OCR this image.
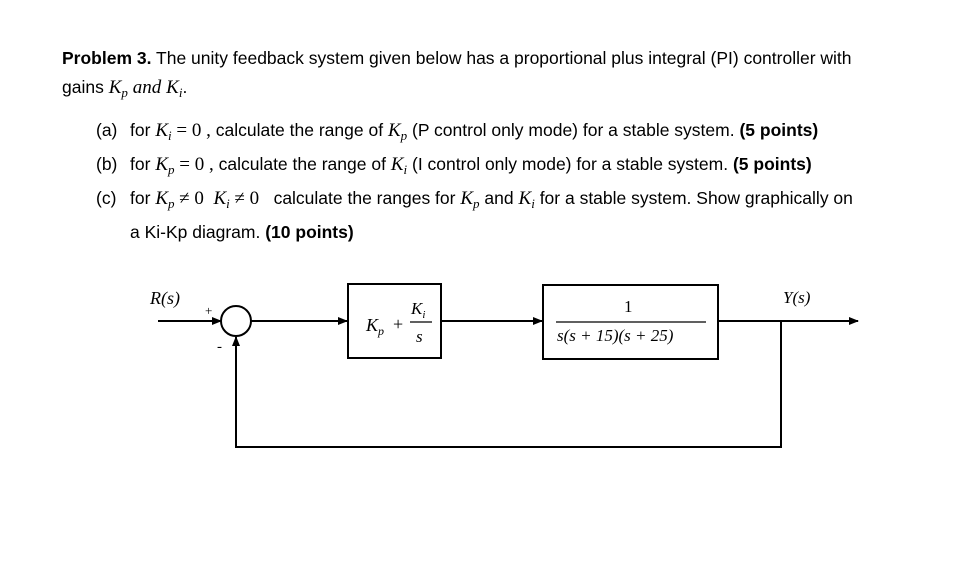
Problem 3. The unity feedback system given below has a proportional plus integral (PI) controller with
gains $K_p$ and $K_i$.
(a) for $K_i = 0$ , calculate the range of $K_p$ (P control only mode) for a stable system. (5 points)
(b) for $K_p = 0$ , calculate the range of $K_i$ (I control only mode) for a stable system. (5 points)
(c) for $K_p \ne 0$  $K_i \ne 0$   calculate the ranges for $K_p$ and $K_i$ for a stable system. Show graphically on
a Ki-Kp diagram. (10 points)
R(s)
+
-
$K_p$ +
$K_i$
s
1
s(s + 15)(s + 25)
Y(s)
